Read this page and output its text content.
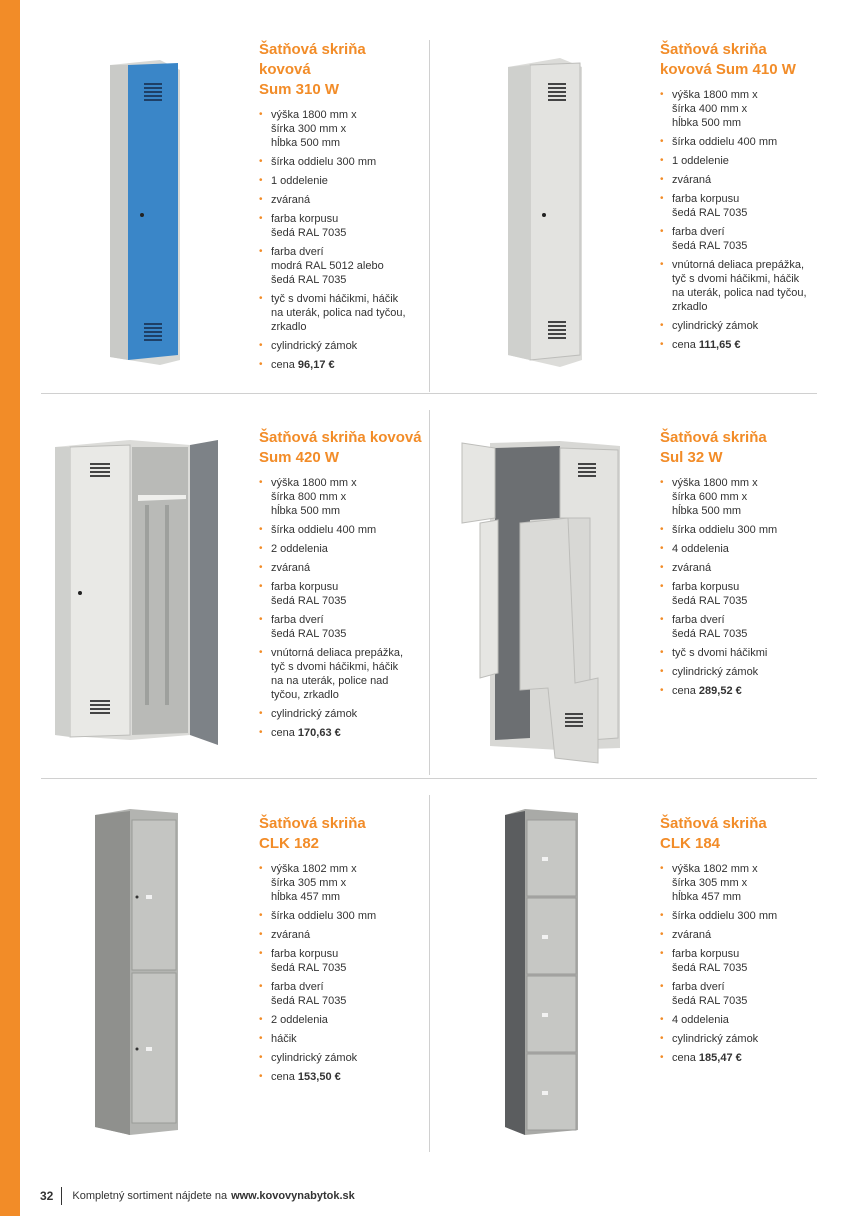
Šatňová skriňa
kovová
Sum 310 W
• výška 1800 mm x
šírka 300 mm x
hĺbka 500 mm
• šírka oddielu 300 mm
• 1 oddelenie
• zváraná
• farba korpusu
šedá RAL 7035
• farba dverí
modrá RAL 5012 alebo
šedá RAL 7035
• tyč s dvomi háčikmi, háčik
na uterák, polica nad tyčou,
zrkadlo
• cylindrický zámok
• cena 96,17 €
Šatňová skriňa
kovová Sum 410 W
• výška 1800 mm x
šírka 400 mm x
hĺbka 500 mm
• šírka oddielu 400 mm
• 1 oddelenie
• zváraná
• farba korpusu
šedá RAL 7035
• farba dverí
šedá RAL 7035
• vnútorná deliaca prepážka,
tyč s dvomi háčikmi, háčik
na uterák, polica nad tyčou,
zrkadlo
• cylindrický zámok
• cena 111,65 €
Šatňová skriňa kovová
Sum 420 W
• výška 1800 mm x
šírka 800 mm x
hĺbka 500 mm
• šírka oddielu 400 mm
• 2 oddelenia
• zváraná
• farba korpusu
šedá RAL 7035
• farba dverí
šedá RAL 7035
• vnútorná deliaca prepážka,
tyč s dvomi háčikmi, háčik
na na uterák, police nad
tyčou, zrkadlo
• cylindrický zámok
• cena 170,63 €
Šatňová skriňa
Sul 32 W
• výška 1800 mm x
šírka 600 mm x
hĺbka 500 mm
• šírka oddielu 300 mm
• 4 oddelenia
• zváraná
• farba korpusu
šedá RAL 7035
• farba dverí
šedá RAL 7035
• tyč s dvomi háčikmi
• cylindrický zámok
• cena 289,52 €
Šatňová skriňa
CLK 182
• výška 1802 mm x
šírka 305 mm x
hĺbka 457 mm
• šírka oddielu 300 mm
• zváraná
• farba korpusu
šedá RAL 7035
• farba dverí
šedá RAL 7035
• 2 oddelenia
• háčik
• cylindrický zámok
• cena 153,50 €
Šatňová skriňa
CLK 184
• výška 1802 mm x
šírka 305 mm x
hĺbka 457 mm
• šírka oddielu 300 mm
• zváraná
• farba korpusu
šedá RAL 7035
• farba dverí
šedá RAL 7035
• 4 oddelenia
• cylindrický zámok
• cena 185,47 €
32	Kompletný sortiment nájdete na www.kovovynabytok.sk
